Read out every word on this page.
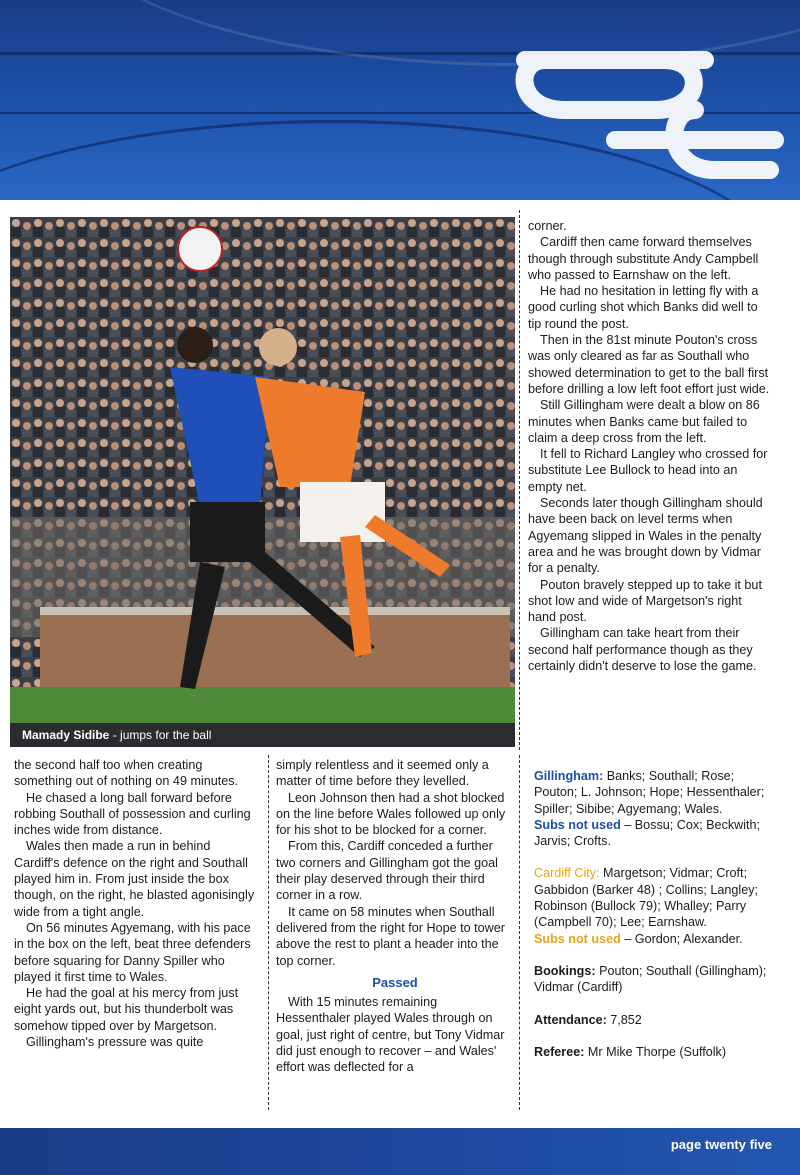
Mamady Sidibe - jumps for the ball

the second half too when creating something out of nothing on 49 minutes.

He chased a long ball forward before robbing Southall of possession and curling inches wide from distance.

Wales then made a run in behind Cardiff's defence on the right and Southall played him in. From just inside the box though, on the right, he blasted agonisingly wide from a tight angle.

On 56 minutes Agyemang, with his pace in the box on the left, beat three defenders before squaring for Danny Spiller who played it first time to Wales.

He had the goal at his mercy from just eight yards out, but his thunderbolt was somehow tipped over by Margetson.

Gillingham's pressure was quite

simply relentless and it seemed only a matter of time before they levelled.

Leon Johnson then had a shot blocked on the line before Wales followed up only for his shot to be blocked for a corner.

From this, Cardiff conceded a further two corners and Gillingham got the goal their play deserved through their third corner in a row.

It came on 58 minutes when Southall delivered from the right for Hope to tower above the rest to plant a header into the top corner.

Passed

With 15 minutes remaining Hessenthaler played Wales through on goal, just right of centre, but Tony Vidmar did just enough to recover – and Wales' effort was deflected for a

corner.

Cardiff then came forward themselves though through substitute Andy Campbell who passed to Earnshaw on the left.

He had no hesitation in letting fly with a good curling shot which Banks did well to tip round the post.

Then in the 81st minute Pouton's cross was only cleared as far as Southall who showed determination to get to the ball first before drilling a low left foot effort just wide.

Still Gillingham were dealt a blow on 86 minutes when Banks came but failed to claim a deep cross from the left.

It fell to Richard Langley who crossed for substitute Lee Bullock to head into an empty net.

Seconds later though Gillingham should have been back on level terms when Agyemang slipped in Wales in the penalty area and he was brought down by Vidmar for a penalty.

Pouton bravely stepped up to take it but shot low and wide of Margetson's right hand post.

Gillingham can take heart from their second half performance though as they certainly didn't deserve to lose the game.

Gillingham: Banks; Southall; Rose; Pouton; L. Johnson; Hope; Hessenthaler; Spiller; Sibibe; Agyemang; Wales.

Subs not used – Bossu; Cox; Beckwith; Jarvis; Crofts.

Cardiff City: Margetson; Vidmar; Croft; Gabbidon (Barker 48) ; Collins; Langley; Robinson (Bullock 79); Whalley; Parry (Campbell 70); Lee; Earnshaw.

Subs not used – Gordon; Alexander.

Bookings: Pouton; Southall (Gillingham); Vidmar (Cardiff)

Attendance: 7,852

Referee: Mr Mike Thorpe (Suffolk)

page twenty five
